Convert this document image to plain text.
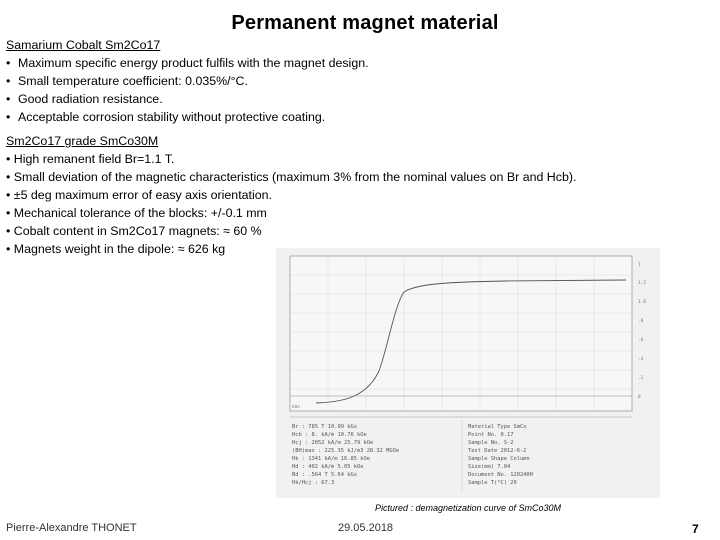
Permanent magnet material
Samarium Cobalt Sm2Co17
• Maximum specific energy product fulfils with the magnet design.
• Small temperature coefficient: 0.035%/°C.
• Good radiation resistance.
• Acceptable corrosion stability without protective coating.
Sm2Co17 grade SmCo30M
• High remanent field Br=1.1 T.
• Small deviation of the magnetic characteristics (maximum 3% from the nominal values on Br and Hcb).
• ±5 deg maximum error of easy axis orientation.
• Mechanical tolerance of the blocks: +/-0.1 mm
• Cobalt content in Sm2Co17 magnets: ≈ 60 %
• Magnets weight in the dipole: ≈ 626 kg
kOe
T
1.2
1.0
.8
.6
.4
.2
0
Br : 785 T 10.99 kGs
Hcb : 8. kA/m 10.76 kOe
Hcj : 2052 kA/m 25.79 kOe
(BH)max : 225.35 kJ/m3 28.32 MGOe
Hk : 1341 kA/m 16.85 kOe
Hd : 402 kA/m 5.05 kOe
Bd : .564 T 5.64 kGs
Hk/Hcj : 67.3
Material Type SmCo
Point No. 0.17
Sample No. S-2
Test Date 2012-6-2
Sample Shape Column
Size(mm) 7.04
Document No. 120240H
Sample T(°C) 20
Pictured : demagnetization curve of SmCo30M
Pierre-Alexandre THONET	29.05.2018	7
